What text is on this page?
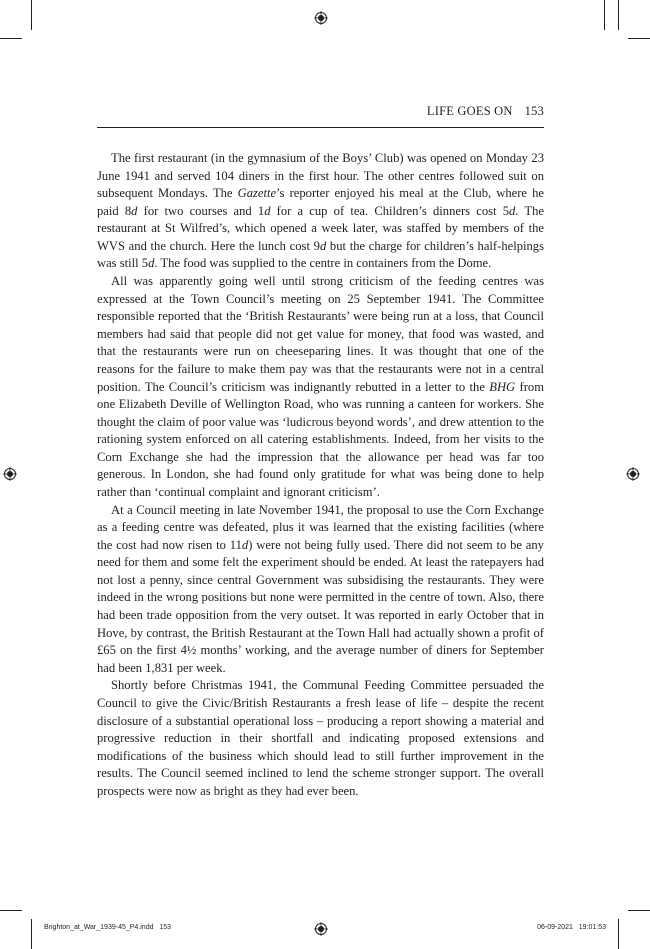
LIFE GOES ON 153

The first restaurant (in the gymnasium of the Boys’ Club) was opened on Monday 23 June 1941 and served 104 diners in the first hour. The other centres followed suit on subsequent Mondays. The Gazette’s reporter enjoyed his meal at the Club, where he paid 8d for two courses and 1d for a cup of tea. Children’s dinners cost 5d. The restaurant at St Wilfred’s, which opened a week later, was staffed by members of the WVS and the church. Here the lunch cost 9d but the charge for children’s half-helpings was still 5d. The food was supplied to the centre in containers from the Dome.

All was apparently going well until strong criticism of the feeding centres was expressed at the Town Council’s meeting on 25 September 1941. The Committee responsible reported that the ‘British Restaurants’ were being run at a loss, that Council members had said that people did not get value for money, that food was wasted, and that the restaurants were run on cheeseparing lines. It was thought that one of the reasons for the failure to make them pay was that the restaurants were not in a central position. The Council’s criticism was indignantly rebutted in a letter to the BHG from one Elizabeth Deville of Wellington Road, who was running a canteen for workers. She thought the claim of poor value was ‘ludicrous beyond words’, and drew attention to the rationing system enforced on all catering establishments. Indeed, from her visits to the Corn Exchange she had the impression that the allowance per head was far too generous. In London, she had found only gratitude for what was being done to help rather than ‘continual complaint and ignorant criticism’.

At a Council meeting in late November 1941, the proposal to use the Corn Exchange as a feeding centre was defeated, plus it was learned that the existing facilities (where the cost had now risen to 11d) were not being fully used. There did not seem to be any need for them and some felt the experiment should be ended. At least the ratepayers had not lost a penny, since central Government was subsidising the restaurants. They were indeed in the wrong positions but none were permitted in the centre of town. Also, there had been trade opposition from the very outset. It was reported in early October that in Hove, by contrast, the British Restaurant at the Town Hall had actually shown a profit of £65 on the first 4½ months’ working, and the average number of diners for September had been 1,831 per week.

Shortly before Christmas 1941, the Communal Feeding Committee persuaded the Council to give the Civic/British Restaurants a fresh lease of life – despite the recent disclosure of a substantial operational loss – producing a report showing a material and progressive reduction in their shortfall and indicating proposed extensions and modifications of the business which should lead to still further improvement in the results. The Council seemed inclined to lend the scheme stronger support. The overall prospects were now as bright as they had ever been.

Brighton_at_War_1939-45_P4.indd   153	06-09-2021   19:01:53
